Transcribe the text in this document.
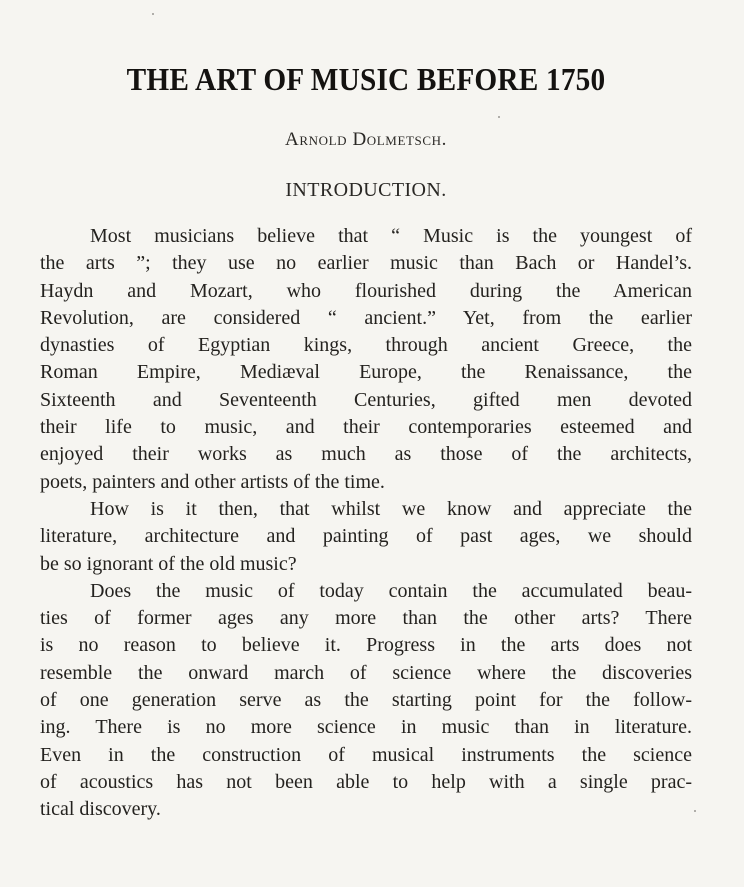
THE ART OF MUSIC BEFORE 1750
Arnold Dolmetsch.
INTRODUCTION.
Most musicians believe that “ Music is the youngest of
the arts ”; they use no earlier music than Bach or Handel’s.
Haydn and Mozart, who flourished during the American
Revolution, are considered “ ancient.” Yet, from the earlier
dynasties of Egyptian kings, through ancient Greece, the
Roman Empire, Mediæval Europe, the Renaissance, the
Sixteenth and Seventeenth Centuries, gifted men devoted
their life to music, and their contemporaries esteemed and
enjoyed their works as much as those of the architects,
poets, painters and other artists of the time.
How is it then, that whilst we know and appreciate the
literature, architecture and painting of past ages, we should
be so ignorant of the old music?
Does the music of today contain the accumulated beau-
ties of former ages any more than the other arts? There
is no reason to believe it. Progress in the arts does not
resemble the onward march of science where the discoveries
of one generation serve as the starting point for the follow-
ing. There is no more science in music than in literature.
Even in the construction of musical instruments the science
of acoustics has not been able to help with a single prac-
tical discovery.
